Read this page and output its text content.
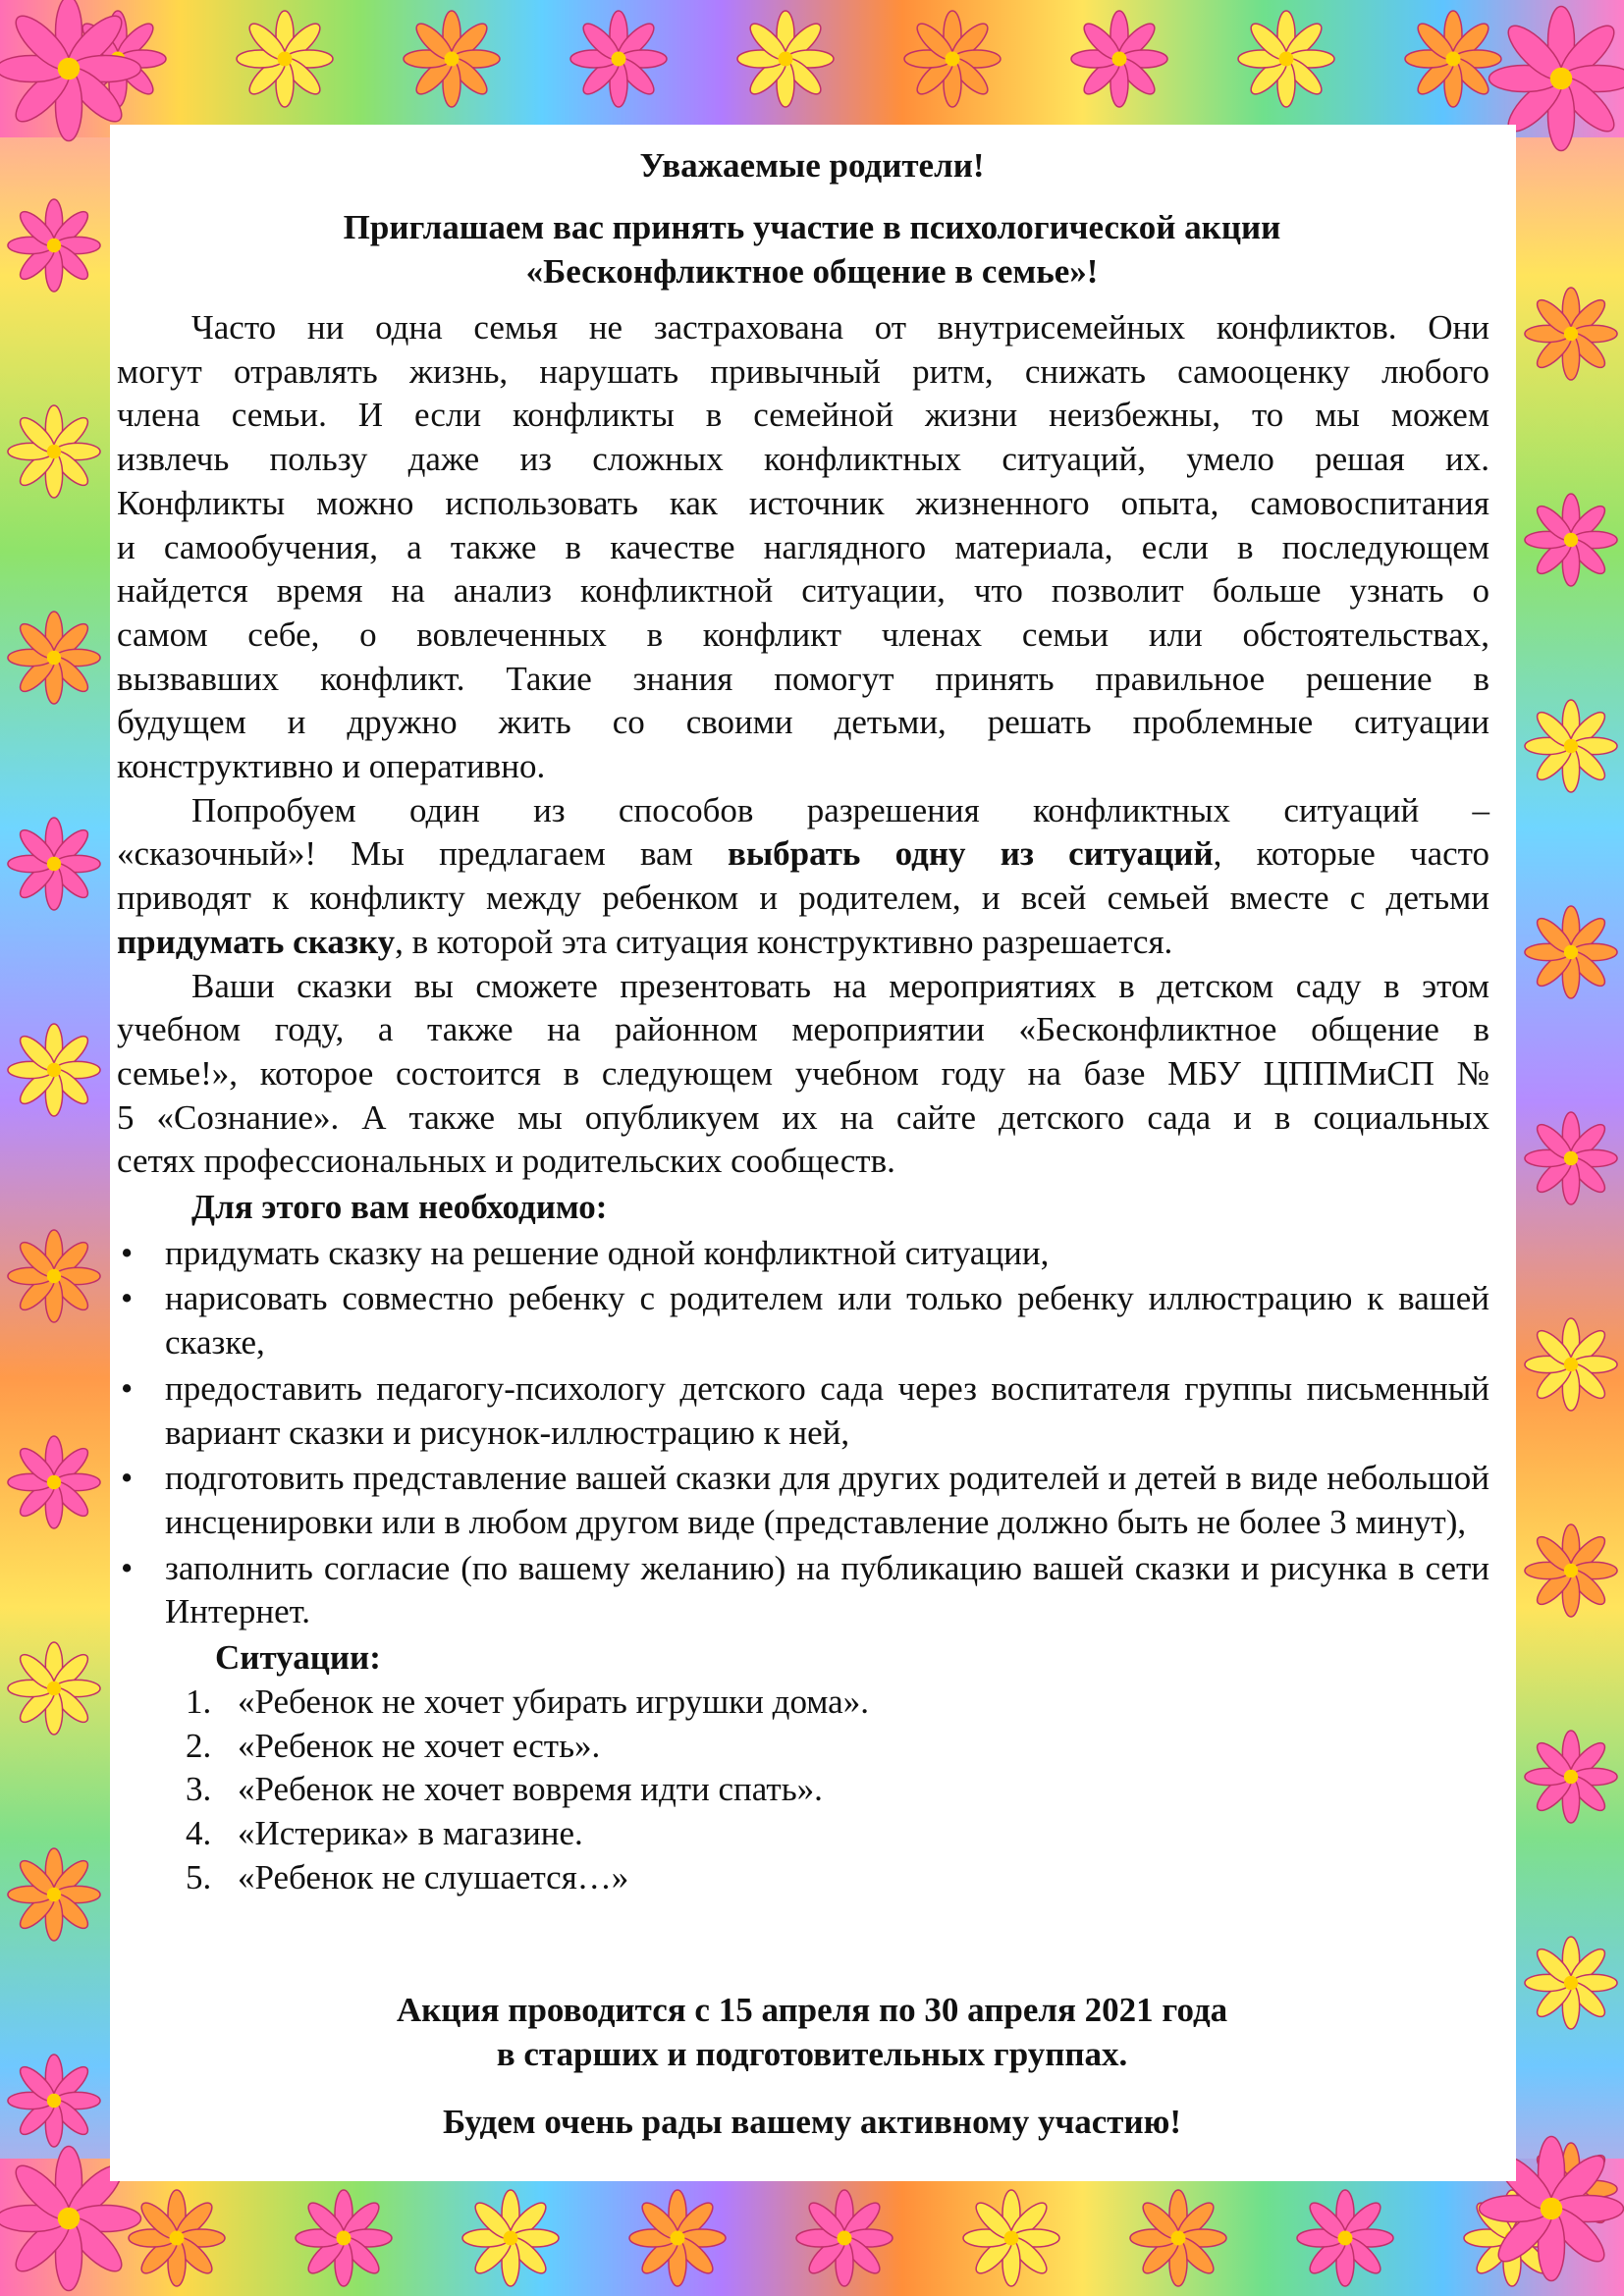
Уважаемые родители!
Приглашаем вас принять участие в психологической акции
«Бесконфликтное общение в семье»!
Часто ни одна семья не застрахована от внутрисемейных конфликтов. Они
могут отравлять жизнь, нарушать привычный ритм, снижать самооценку любого
члена семьи. И если конфликты в семейной жизни неизбежны, то мы можем
извлечь пользу даже из сложных конфликтных ситуаций, умело решая их.
Конфликты можно использовать как источник жизненного опыта, самовоспитания
и самообучения, а также в качестве наглядного материала, если в последующем
найдется время на анализ конфликтной ситуации, что позволит больше узнать о
самом себе, о вовлеченных в конфликт членах семьи или обстоятельствах,
вызвавших конфликт. Такие знания помогут принять правильное решение в
будущем и дружно жить со своими детьми, решать проблемные ситуации
конструктивно и оперативно.
Попробуем один из способов разрешения конфликтных ситуаций –
«сказочный»! Мы предлагаем вам выбрать одну из ситуаций, которые часто
приводят к конфликту между ребенком и родителем, и всей семьей вместе с детьми
придумать сказку, в которой эта ситуация конструктивно разрешается.
Ваши сказки вы сможете презентовать на мероприятиях в детском саду в этом
учебном году, а также на районном мероприятии «Бесконфликтное общение в
семье!», которое состоится в следующем учебном году на базе МБУ ЦППМиСП №
5 «Сознание». А также мы опубликуем их на сайте детского сада и в социальных
сетях профессиональных и родительских сообществ.
Для этого вам необходимо:
• придумать сказку на решение одной конфликтной ситуации,
• нарисовать совместно ребенку с родителем или только ребенку иллюстрацию к вашей сказке,
• предоставить педагогу-психологу детского сада через воспитателя группы письменный вариант сказки и рисунок-иллюстрацию к ней,
• подготовить представление вашей сказки для других родителей и детей в виде небольшой инсценировки или в любом другом виде (представление должно быть не более 3 минут),
• заполнить согласие (по вашему желанию) на публикацию вашей сказки и рисунка в сети Интернет.
Ситуации:
1. «Ребенок не хочет убирать игрушки дома».
2. «Ребенок не хочет есть».
3. «Ребенок не хочет вовремя идти спать».
4. «Истерика» в магазине.
5. «Ребенок не слушается…»
Акция проводится с 15 апреля по 30 апреля 2021 года
в старших и подготовительных группах.
Будем очень рады вашему активному участию!
